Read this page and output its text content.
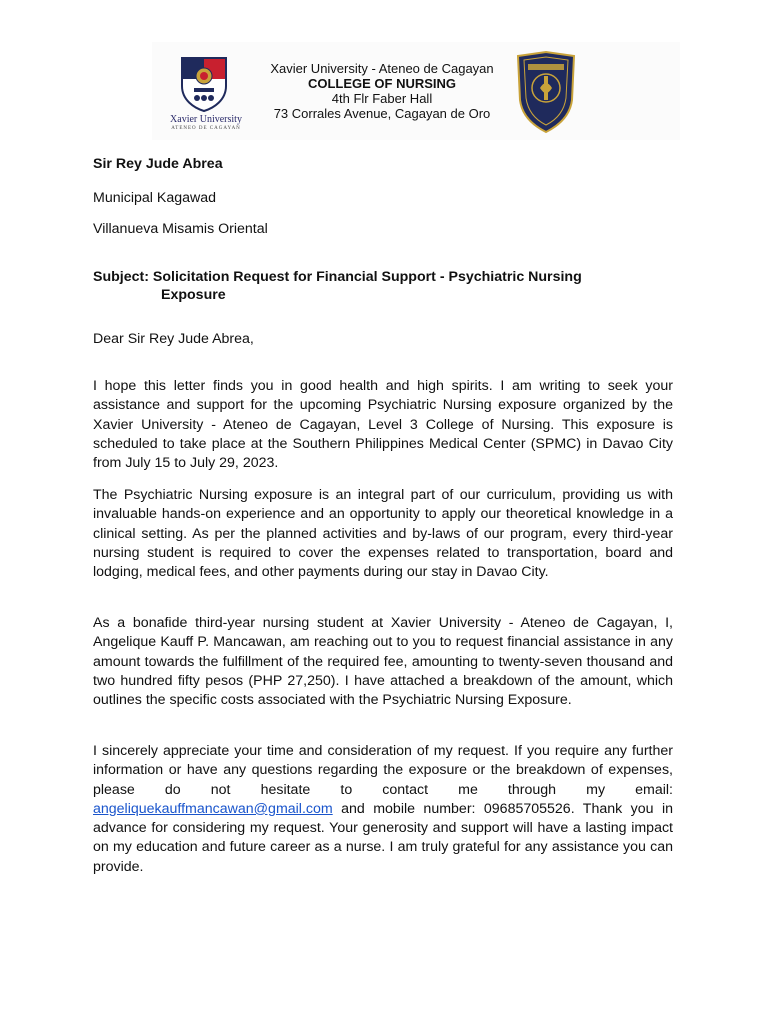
Xavier University
ATENEO DE CAGAYAN
Xavier University - Ateneo de Cagayan
COLLEGE OF NURSING
4th Flr Faber Hall
73 Corrales Avenue, Cagayan de Oro
Sir Rey Jude Abrea
Municipal Kagawad
Villanueva Misamis Oriental
Subject: Solicitation Request for Financial Support - Psychiatric Nursing
Exposure
Dear Sir Rey Jude Abrea,
I hope this letter finds you in good health and high spirits. I am writing to seek your assistance and support for the upcoming Psychiatric Nursing exposure organized by the Xavier University - Ateneo de Cagayan, Level 3 College of Nursing. This exposure is scheduled to take place at the Southern Philippines Medical Center (SPMC) in Davao City from July 15 to July 29, 2023.
The Psychiatric Nursing exposure is an integral part of our curriculum, providing us with invaluable hands-on experience and an opportunity to apply our theoretical knowledge in a clinical setting. As per the planned activities and by-laws of our program, every third-year nursing student is required to cover the expenses related to transportation, board and lodging, medical fees, and other payments during our stay in Davao City.
As a bonafide third-year nursing student at Xavier University - Ateneo de Cagayan, I, Angelique Kauff P. Mancawan, am reaching out to you to request financial assistance in any amount towards the fulfillment of the required fee, amounting to twenty-seven thousand and two hundred fifty pesos (PHP 27,250). I have attached a breakdown of the amount, which outlines the specific costs associated with the Psychiatric Nursing Exposure.
I sincerely appreciate your time and consideration of my request. If you require any further information or have any questions regarding the exposure or the breakdown of expenses, please do not hesitate to contact me through my email: angeliquekauffmancawan@gmail.com and mobile number: 09685705526. Thank you in advance for considering my request. Your generosity and support will have a lasting impact on my education and future career as a nurse. I am truly grateful for any assistance you can provide.
